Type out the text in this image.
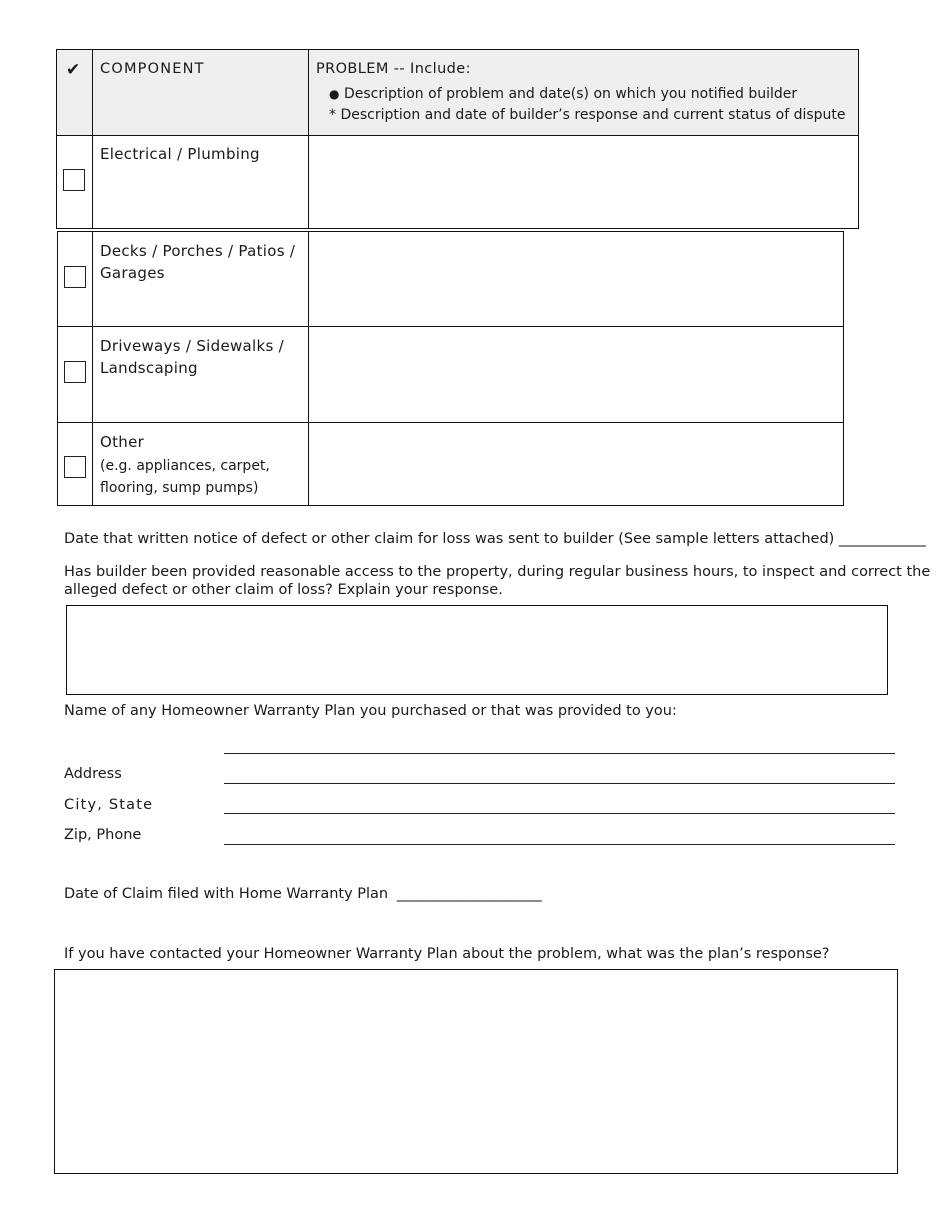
✔ COMPONENT	PROBLEM -- Include:
● Description of problem and date(s) on which you notified builder
* Description and date of builder’s response and current status of dispute
Electrical / Plumbing
Decks / Porches / Patios /
Garages
Driveways / Sidewalks /
Landscaping
Other
(e.g. appliances, carpet,
flooring, sump pumps)
Date that written notice of defect or other claim for loss was sent to builder (See sample letters attached) ____________
Has builder been provided reasonable access to the property, during regular business hours, to inspect and correct the
alleged defect or other claim of loss? Explain your response.
Name of any Homeowner Warranty Plan you purchased or that was provided to you:
Address
City, State
Zip, Phone
Date of Claim filed with Home Warranty Plan ____________________
If you have contacted your Homeowner Warranty Plan about the problem, what was the plan’s response?
